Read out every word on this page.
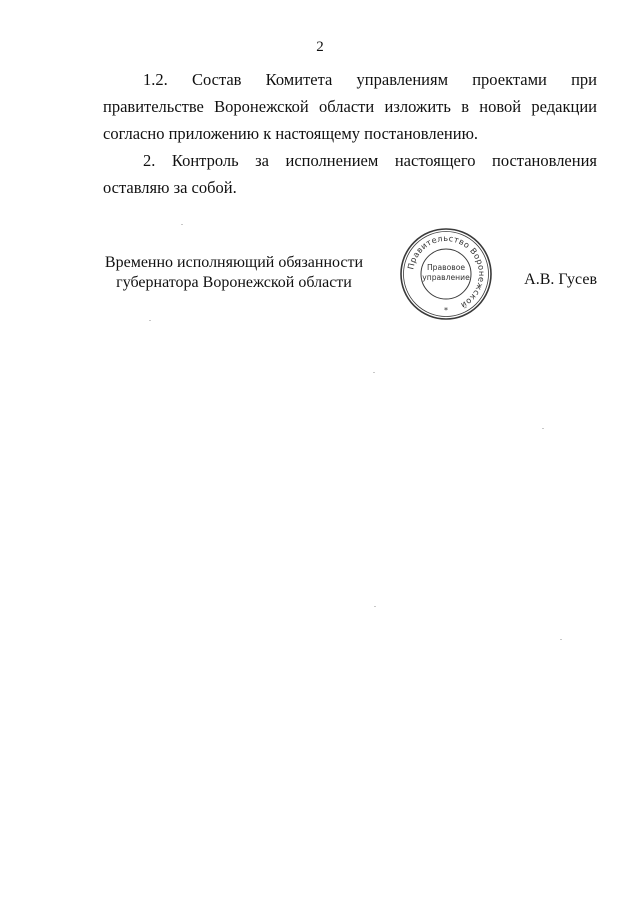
2

1.2. Состав Комитета управлениям проектами при правительстве Воронежской области изложить в новой редакции согласно приложению к настоящему постановлению.

2. Контроль за исполнением настоящего постановления оставляю за собой.

Временно исполняющий обязанности
губернатора Воронежской области
Правительство Воронежской
Правовое
управление
*
А.В. Гусев
